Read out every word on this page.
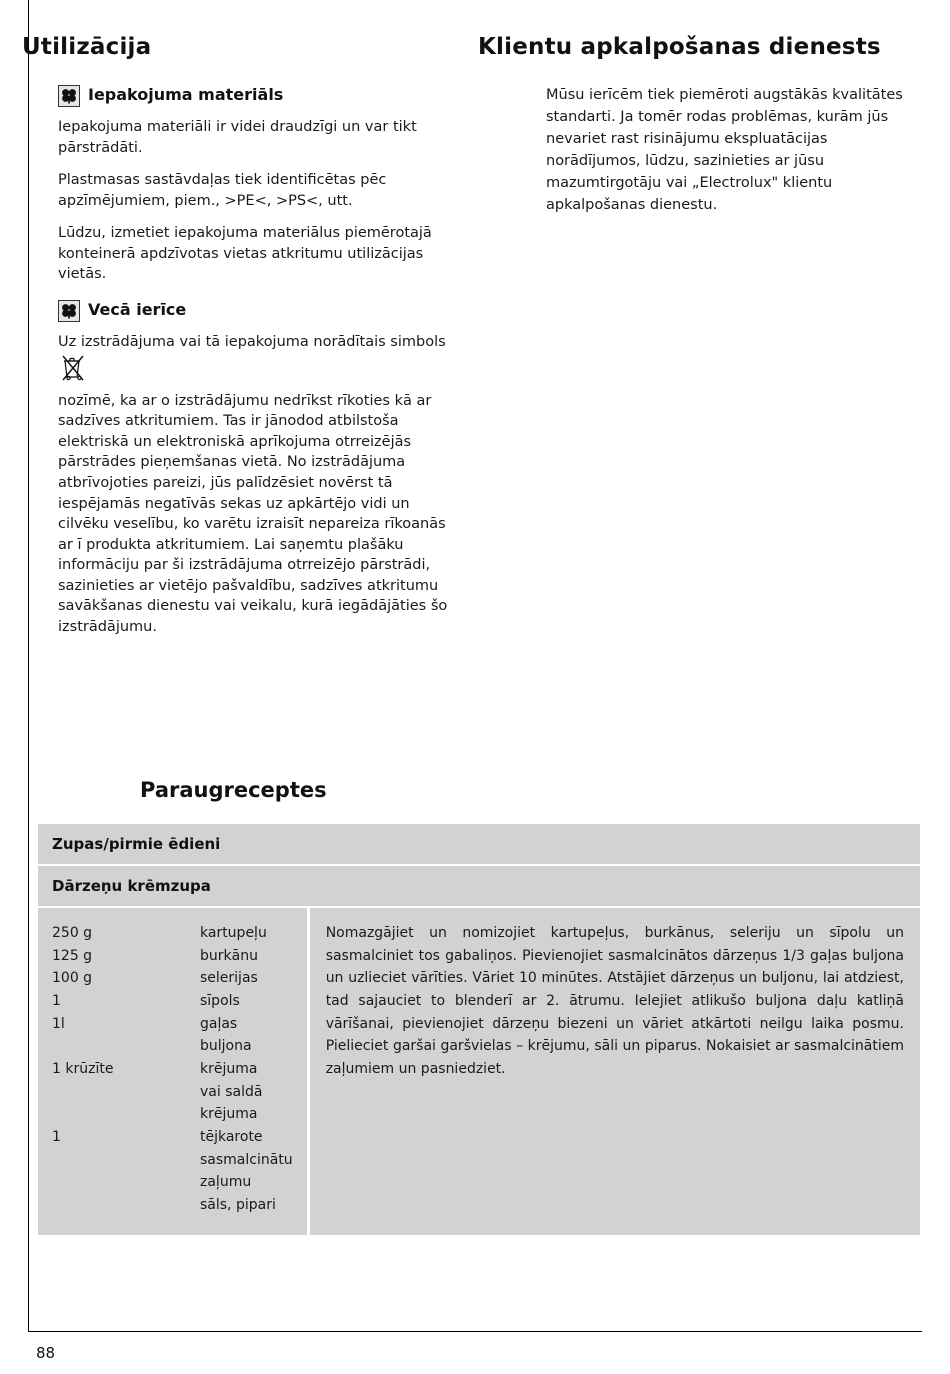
Utilizācija
Iepakojuma materiāls

Iepakojuma materiāli ir videi draudzīgi un var tikt pārstrādāti.

Plastmasas sastāvdaļas tiek identificētas pēc apzīmējumiem, piem., >PE<, >PS<, utt.

Lūdzu, izmetiet iepakojuma materiālus piemērotajā konteinerā apdzīvotas vietas atkritumu utilizācijas vietās.

Vecā ierīce

Uz izstrādājuma vai tā iepakojuma norādītais simbols

nozīmē, ka ar o izstrādājumu nedrīkst rīkoties kā ar sadzīves atkritumiem. Tas ir jānodod atbilstoša elektriskā un elektroniskā aprīkojuma otrreizējās pārstrādes pieņemšanas vietā. No izstrādājuma atbrīvojoties pareizi, jūs palīdzēsiet novērst tā iespējamās negatīvās sekas uz apkārtējo vidi un cilvēku veselību, ko varētu izraisīt nepareiza rīkoanās ar ī produkta atkritumiem. Lai saņemtu plašāku informāciju par ši izstrādājuma otrreizējo pārstrādi, sazinieties ar vietējo pašvaldību, sadzīves atkritumu savākšanas dienestu vai veikalu, kurā iegādājāties šo izstrādājumu.

Klientu apkalpošanas dienests

Mūsu ierīcēm tiek piemēroti augstākās kvalitātes standarti. Ja tomēr rodas problēmas, kurām jūs nevariet rast risinājumu ekspluatācijas norādījumos, lūdzu, sazinieties ar jūsu mazumtirgotāju vai „Electrolux" klientu apkalpošanas dienestu.

Paraugreceptes
Zupas/pirmie ēdieni
Dārzeņu krēmzupa
250 g	kartupeļu
125 g	burkānu
100 g	selerijas
1	sīpols
1l	gaļas buljona
1 krūzīte	krējuma
vai saldā krējuma
1	tējkarote sasmalcinātu
zaļumu
sāls, pipari
Nomazgājiet un nomizojiet kartupeļus, burkānus, seleriju un sīpolu un sasmalciniet tos gabaliņos. Pievienojiet sasmalcinātos dārzeņus 1/3 gaļas buljona un uzlieciet vārīties. Vāriet 10 minūtes. Atstājiet dārzeņus un buljonu, lai atdziest, tad sajauciet to blenderī ar 2. ātrumu. Ielejiet atlikušo buljona daļu katliņā vārīšanai, pievienojiet dārzeņu biezeni un vāriet atkārtoti neilgu laika posmu. Pielieciet garšai garšvielas – krējumu, sāli un piparus. Nokaisiet ar sasmalcinātiem zaļumiem un pasniedziet.
88
